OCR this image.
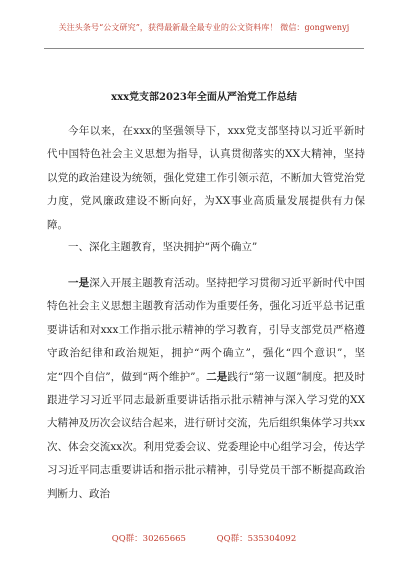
关注头条号“公文研究”，获得最新最全最专业的公文资料库！ 微信：gongwenyj
xxx党支部2023年全面从严治党工作总结

今年以来，在xxx的坚强领导下，xxx党支部坚持以习近平新时代中国特色社会主义思想为指导，认真贯彻落实的XX大精神，坚持以党的政治建设为统领，强化党建工作引领示范，不断加大管党治党力度，党风廉政建设不断向好，为XX事业高质量发展提供有力保障。

一、深化主题教育，坚决拥护“两个确立”

一是深入开展主题教育活动。坚持把学习贯彻习近平新时代中国特色社会主义思想主题教育活动作为重要任务，强化习近平总书记重要讲话和对xxx工作指示批示精神的学习教育，引导支部党员严格遵守政治纪律和政治规矩，拥护“两个确立”，强化“四个意识”，坚定“四个自信”，做到“两个维护”。二是践行“第一议题”制度。把及时跟进学习习近平同志最新重要讲话指示批示精神与深入学习党的XX大精神及历次会议结合起来，进行研讨交流，先后组织集体学习共xx次、体会交流xx次。利用党委会议、党委理论中心组学习会，传达学习习近平同志重要讲话和指示批示精神，引导党员干部不断提高政治判断力、政治

QQ群：30265665	QQ群：535304092
